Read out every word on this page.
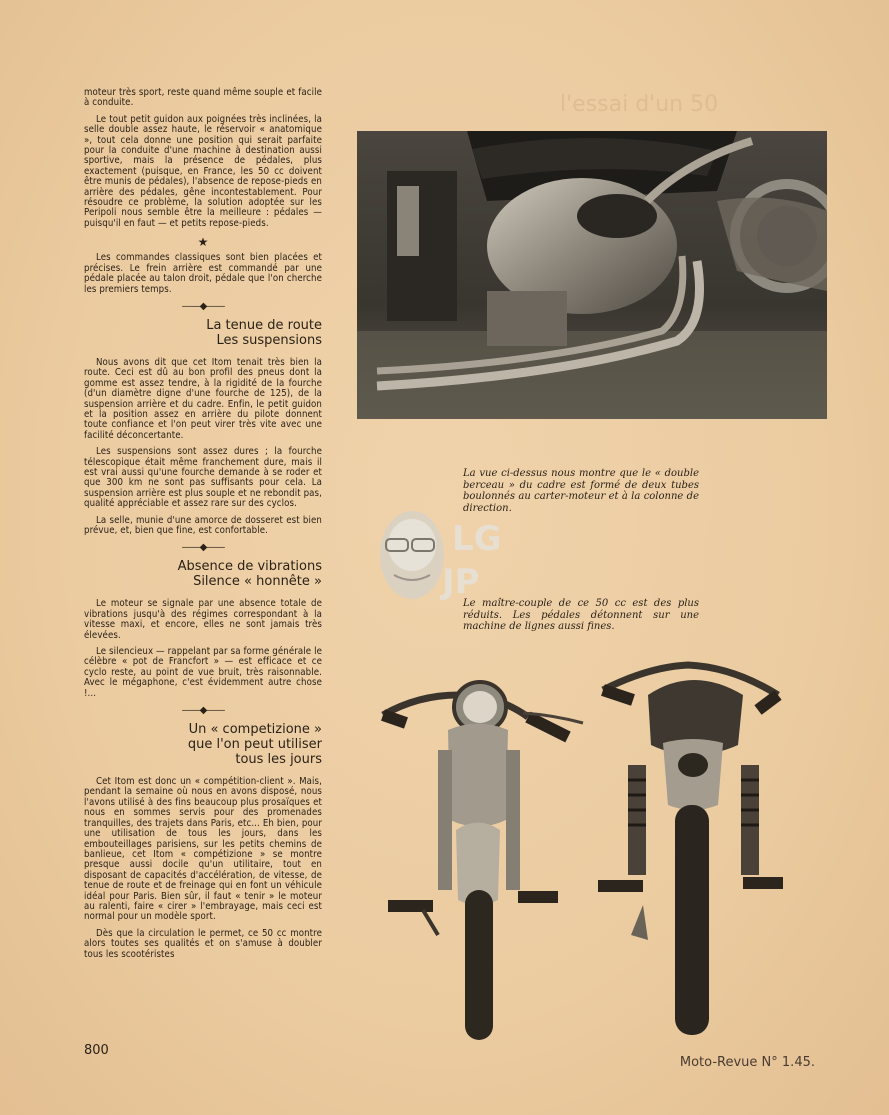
l'essai d'un 50

moteur très sport, reste quand même souple et facile à conduite.

Le tout petit guidon aux poignées très inclinées, la selle double assez haute, le réservoir « anatomique », tout cela donne une position qui serait parfaite pour la conduite d'une machine à destination aussi sportive, mais la présence de pédales, plus exactement (puisque, en France, les 50 cc doivent être munis de pédales), l'absence de repose-pieds en arrière des pédales, gêne incontestablement. Pour résoudre ce problème, la solution adoptée sur les Peripoli nous semble être la meilleure : pédales — puisqu'il en faut — et petits repose-pieds.

★

Les commandes classiques sont bien placées et précises. Le frein arrière est commandé par une pédale placée au talon droit, pédale que l'on cherche les premiers temps.

——◆——
La tenue de route
Les suspensions

Nous avons dit que cet Itom tenait très bien la route. Ceci est dû au bon profil des pneus dont la gomme est assez tendre, à la rigidité de la fourche (d'un diamètre digne d'une fourche de 125), de la suspension arrière et du cadre. Enfin, le petit guidon et la position assez en arrière du pilote donnent toute confiance et l'on peut virer très vite avec une facilité déconcertante.

Les suspensions sont assez dures ; la fourche télescopique était même franchement dure, mais il est vrai aussi qu'une fourche demande à se roder et que 300 km ne sont pas suffisants pour cela. La suspension arrière est plus souple et ne rebondit pas, qualité appréciable et assez rare sur des cyclos.

La selle, munie d'une amorce de dosseret est bien prévue, et, bien que fine, est confortable.

——◆——
Absence de vibrations
Silence « honnête »

Le moteur se signale par une absence totale de vibrations jusqu'à des régimes correspondant à la vitesse maxi, et encore, elles ne sont jamais très élevées.

Le silencieux — rappelant par sa forme générale le célèbre « pot de Francfort » — est efficace et ce cyclo reste, au point de vue bruit, très raisonnable. Avec le mégaphone, c'est évidemment autre chose !...

——◆——
Un « competizione »
que l'on peut utiliser
tous les jours

Cet Itom est donc un « compétition-client ». Mais, pendant la semaine où nous en avons disposé, nous l'avons utilisé à des fins beaucoup plus prosaïques et nous en sommes servis pour des promenades tranquilles, des trajets dans Paris, etc... Eh bien, pour une utilisation de tous les jours, dans les embouteillages parisiens, sur les petits chemins de banlieue, cet Itom « compétizione » se montre presque aussi docile qu'un utilitaire, tout en disposant de capacités d'accélération, de vitesse, de tenue de route et de freinage qui en font un véhicule idéal pour Paris. Bien sûr, il faut « tenir » le moteur au ralenti, faire « cirer » l'embrayage, mais ceci est normal pour un modèle sport.

Dès que la circulation le permet, ce 50 cc montre alors toutes ses qualités et on s'amuse à doubler tous les scootéristes

La vue ci-dessus nous montre que le « double berceau » du cadre est formé de deux tubes boulonnés au carter-moteur et à la colonne de direction.
LG
JP
Le maître-couple de ce 50 cc est des plus réduits. Les pédales détonnent sur une machine de lignes aussi fines.
800
Moto-Revue N° 1.45.
